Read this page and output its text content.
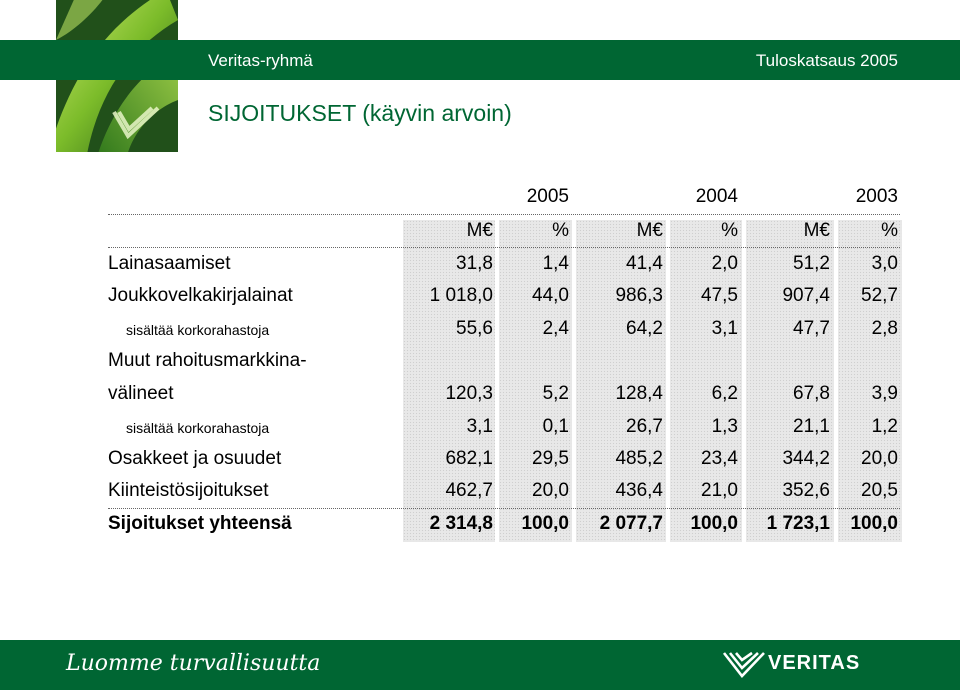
Veritas-ryhmä	Tuloskatsaus 2005
SIJOITUKSET (käyvin arvoin)
2005	2004	2003
M€	%	M€	%	M€	%
Lainasaamiset	31,8	1,4	41,4	2,0	51,2	3,0
Joukkovelkakirjalainat	1 018,0	44,0	986,3	47,5	907,4	52,7
sisältää korkorahastoja	55,6	2,4	64,2	3,1	47,7	2,8
Muut rahoitusmarkkina-
välineet	120,3	5,2	128,4	6,2	67,8	3,9
sisältää korkorahastoja	3,1	0,1	26,7	1,3	21,1	1,2
Osakkeet ja osuudet	682,1	29,5	485,2	23,4	344,2	20,0
Kiinteistösijoitukset	462,7	20,0	436,4	21,0	352,6	20,5
Sijoitukset yhteensä	2 314,8	100,0	2 077,7	100,0	1 723,1	100,0
Luomme turvallisuutta	VERITAS
